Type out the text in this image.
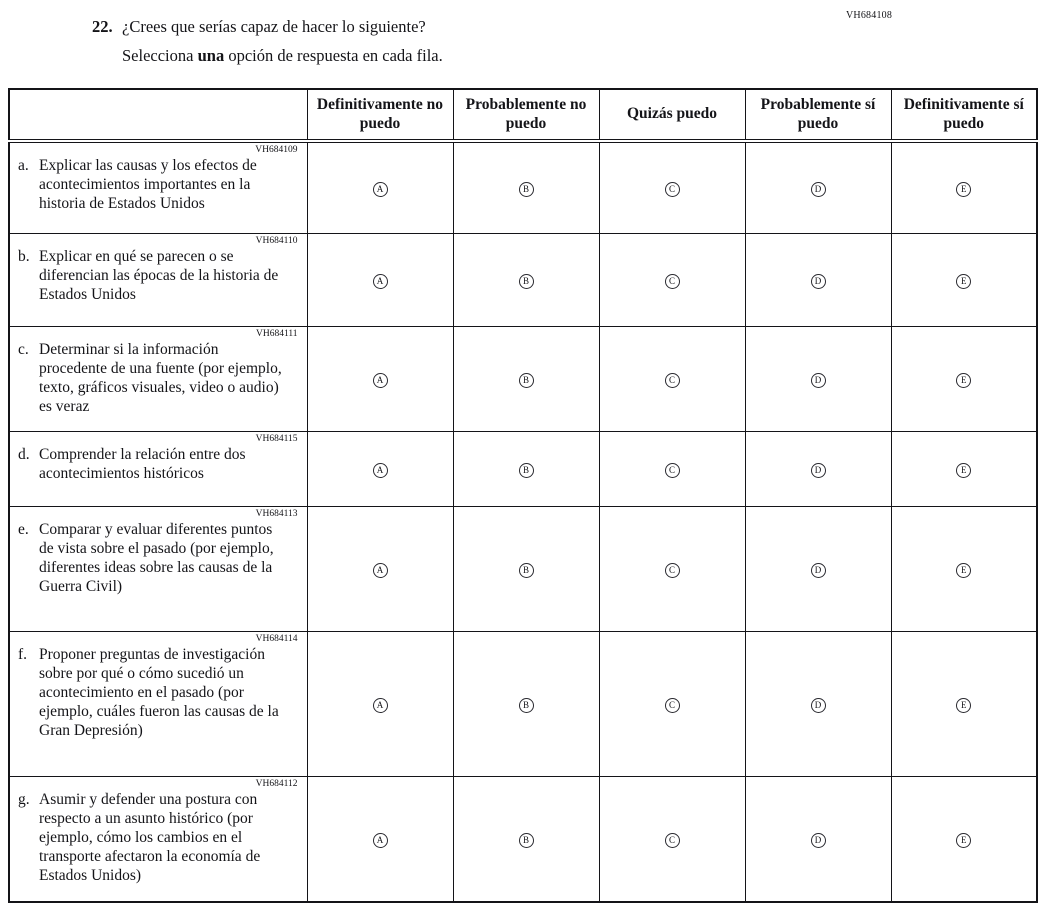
VH684108
22. ¿Crees que serías capaz de hacer lo siguiente?
Selecciona una opción de respuesta en cada fila.
	Definitivamente no puedo	Probablemente no puedo	Quizás puedo	Probablemente sí puedo	Definitivamente sí puedo

VH684109
a. Explicar las causas y los efectos de acontecimientos importantes en la historia de Estados Unidos	A	B	C	D	E

VH684110
b. Explicar en qué se parecen o se diferencian las épocas de la historia de Estados Unidos	A	B	C	D	E

VH684111
c. Determinar si la información procedente de una fuente (por ejemplo, texto, gráficos visuales, video o audio) es veraz	A	B	C	D	E

VH684115
d. Comprender la relación entre dos acontecimientos históricos	A	B	C	D	E

VH684113
e. Comparar y evaluar diferentes puntos de vista sobre el pasado (por ejemplo, diferentes ideas sobre las causas de la Guerra Civil)	A	B	C	D	E

VH684114
f. Proponer preguntas de investigación sobre por qué o cómo sucedió un acontecimiento en el pasado (por ejemplo, cuáles fueron las causas de la Gran Depresión)	A	B	C	D	E

VH684112
g. Asumir y defender una postura con respecto a un asunto histórico (por ejemplo, cómo los cambios en el transporte afectaron la economía de Estados Unidos)	A	B	C	D	E
